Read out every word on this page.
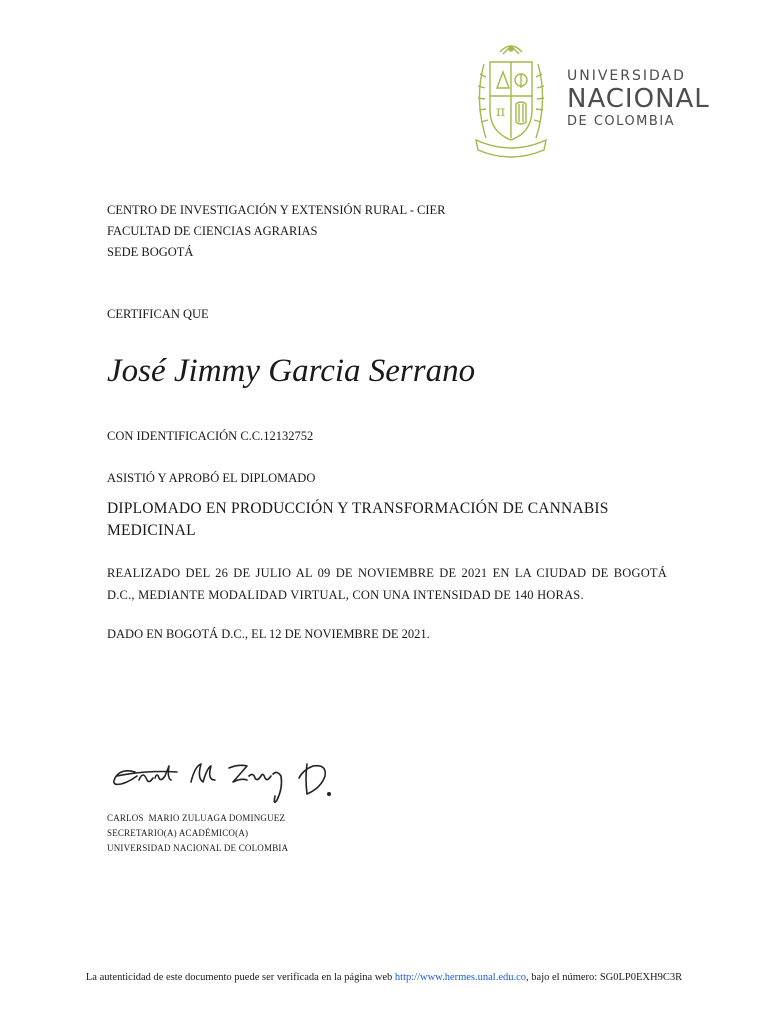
π
UNIVERSIDAD
NACIONAL
DE COLOMBIA
CENTRO DE INVESTIGACIÓN Y EXTENSIÓN RURAL - CIER
FACULTAD DE CIENCIAS AGRARIAS
SEDE BOGOTÁ
CERTIFICAN QUE
José Jimmy Garcia Serrano
CON IDENTIFICACIÓN C.C.12132752
ASISTIÓ Y APROBÓ EL DIPLOMADO
DIPLOMADO EN PRODUCCIÓN Y TRANSFORMACIÓN DE CANNABIS MEDICINAL
REALIZADO DEL 26 DE JULIO AL 09 DE NOVIEMBRE DE 2021 EN LA CIUDAD DE BOGOTÁ D.C., MEDIANTE MODALIDAD VIRTUAL, CON UNA INTENSIDAD DE 140 HORAS.
DADO EN BOGOTÁ D.C., EL 12 DE NOVIEMBRE DE 2021.
CARLOS  MARIO ZULUAGA DOMINGUEZ
SECRETARIO(A) ACADÉMICO(A)
UNIVERSIDAD NACIONAL DE COLOMBIA
La autenticidad de este documento puede ser verificada en la página web http://www.hermes.unal.edu.co, bajo el número: SG0LP0EXH9C3R
